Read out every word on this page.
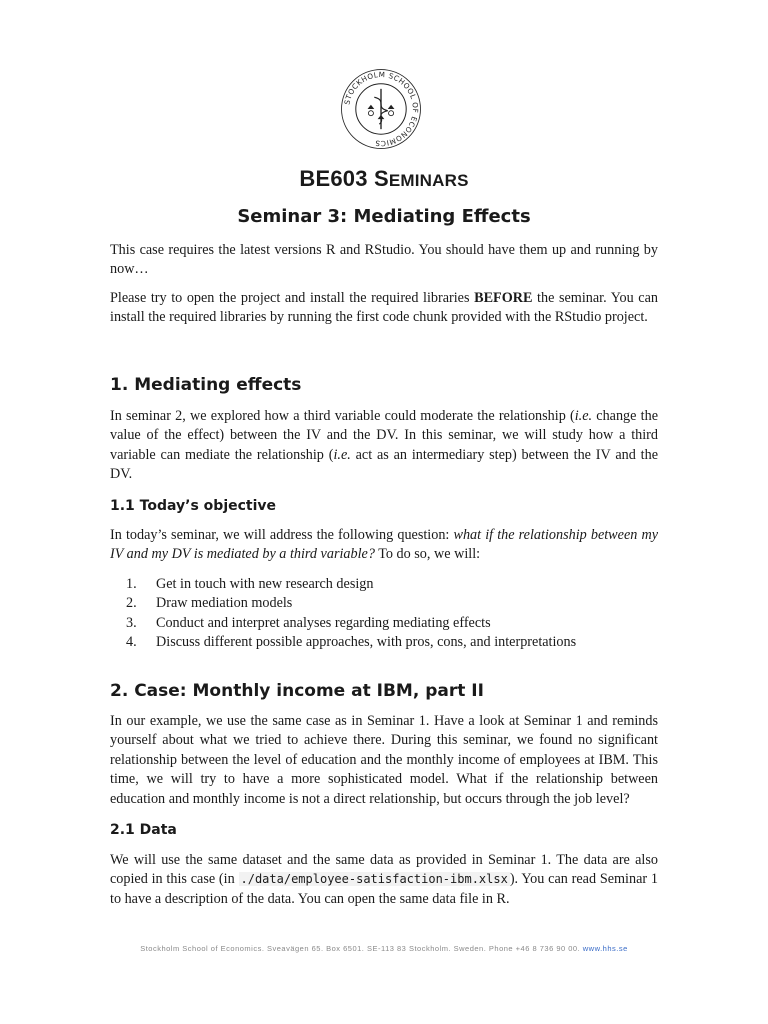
STOCKHOLM SCHOOL OF ECONOMICS
BE603 SEMINARS
Seminar 3: Mediating Effects
This case requires the latest versions R and RStudio. You should have them up and running by now…
Please try to open the project and install the required libraries BEFORE the seminar. You can install the required libraries by running the first code chunk provided with the RStudio project.
1. Mediating effects
In seminar 2, we explored how a third variable could moderate the relationship (i.e. change the value of the effect) between the IV and the DV. In this seminar, we will study how a third variable can mediate the relationship (i.e. act as an intermediary step) between the IV and the DV.
1.1 Today’s objective
In today’s seminar, we will address the following question: what if the relationship between my IV and my DV is mediated by a third variable? To do so, we will:
1. Get in touch with new research design
2. Draw mediation models
3. Conduct and interpret analyses regarding mediating effects
4. Discuss different possible approaches, with pros, cons, and interpretations
2. Case: Monthly income at IBM, part II
In our example, we use the same case as in Seminar 1. Have a look at Seminar 1 and reminds yourself about what we tried to achieve there. During this seminar, we found no significant relationship between the level of education and the monthly income of employees at IBM. This time, we will try to have a more sophisticated model. What if the relationship between education and monthly income is not a direct relationship, but occurs through the job level?
2.1 Data
We will use the same dataset and the same data as provided in Seminar 1. The data are also copied in this case (in ./data/employee-satisfaction-ibm.xlsx ). You can read Seminar 1 to have a description of the data. You can open the same data file in R.
Stockholm School of Economics. Sveavägen 65. Box 6501. SE-113 83 Stockholm. Sweden. Phone +46 8 736 90 00. www.hhs.se
